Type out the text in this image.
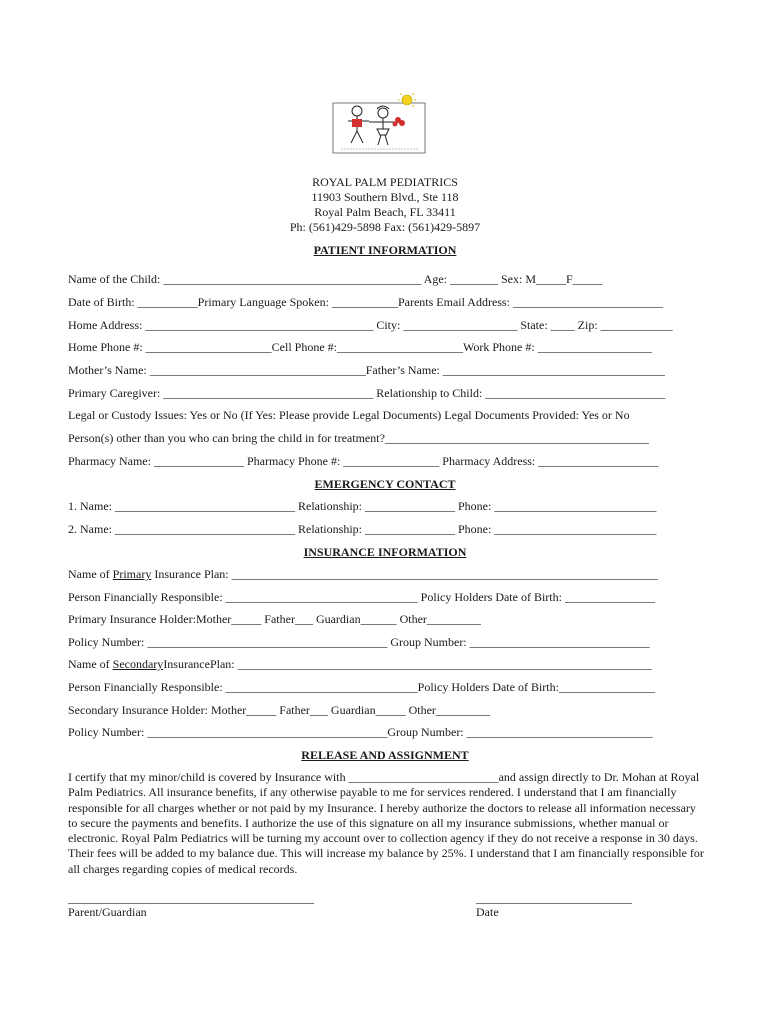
ROYAL PALM PEDIATRICS
11903 Southern Blvd., Ste 118
Royal Palm Beach, FL 33411
Ph: (561)429-5898 Fax: (561)429-5897
PATIENT INFORMATION
Name of the Child: ___________________________________________ Age: ________ Sex: M_____F_____
Date of Birth: __________Primary Language Spoken: ___________Parents Email Address: _________________________
Home Address: ______________________________________ City: ___________________ State: ____ Zip: ____________
Home Phone #: _____________________Cell Phone #:_____________________Work Phone #: ___________________
Mother’s Name: ____________________________________Father’s Name: _____________________________________
Primary Caregiver: ___________________________________ Relationship to Child: ______________________________
Legal or Custody Issues: Yes or No (If Yes: Please provide Legal Documents) Legal Documents Provided: Yes or No
Person(s) other than you who can bring the child in for treatment?____________________________________________
Pharmacy Name: _______________ Pharmacy Phone #: ________________ Pharmacy Address: ____________________
EMERGENCY CONTACT
1. Name: ______________________________ Relationship: _______________ Phone: ___________________________
2. Name: ______________________________ Relationship: _______________ Phone: ___________________________
INSURANCE INFORMATION
Name of Primary Insurance Plan: _______________________________________________________________________
Person Financially Responsible: ________________________________ Policy Holders Date of Birth: _______________
Primary Insurance Holder:Mother_____ Father___ Guardian______ Other_________
Policy Number: ________________________________________ Group Number: ______________________________
Name of SecondaryInsurancePlan: _____________________________________________________________________
Person Financially Responsible: ________________________________Policy Holders Date of Birth:________________
Secondary Insurance Holder: Mother_____ Father___ Guardian_____ Other_________
Policy Number: ________________________________________Group Number: _______________________________
RELEASE AND ASSIGNMENT

I certify that my minor/child is covered by Insurance with _________________________and assign directly to Dr. Mohan at Royal Palm Pediatrics. All insurance benefits, if any otherwise payable to me for services rendered. I understand that I am financially responsible for all charges whether or not paid by my Insurance. I hereby authorize the doctors to release all information necessary to secure the payments and benefits. I authorize the use of this signature on all my insurance submissions, whether manual or electronic. Royal Palm Pediatrics will be turning my account over to collection agency if they do not receive a response in 30 days. Their fees will be added to my balance due. This will increase my balance by 25%. I understand that I am financially responsible for all charges regarding copies of medical records.

_________________________________________
Parent/Guardian
__________________________
Date
